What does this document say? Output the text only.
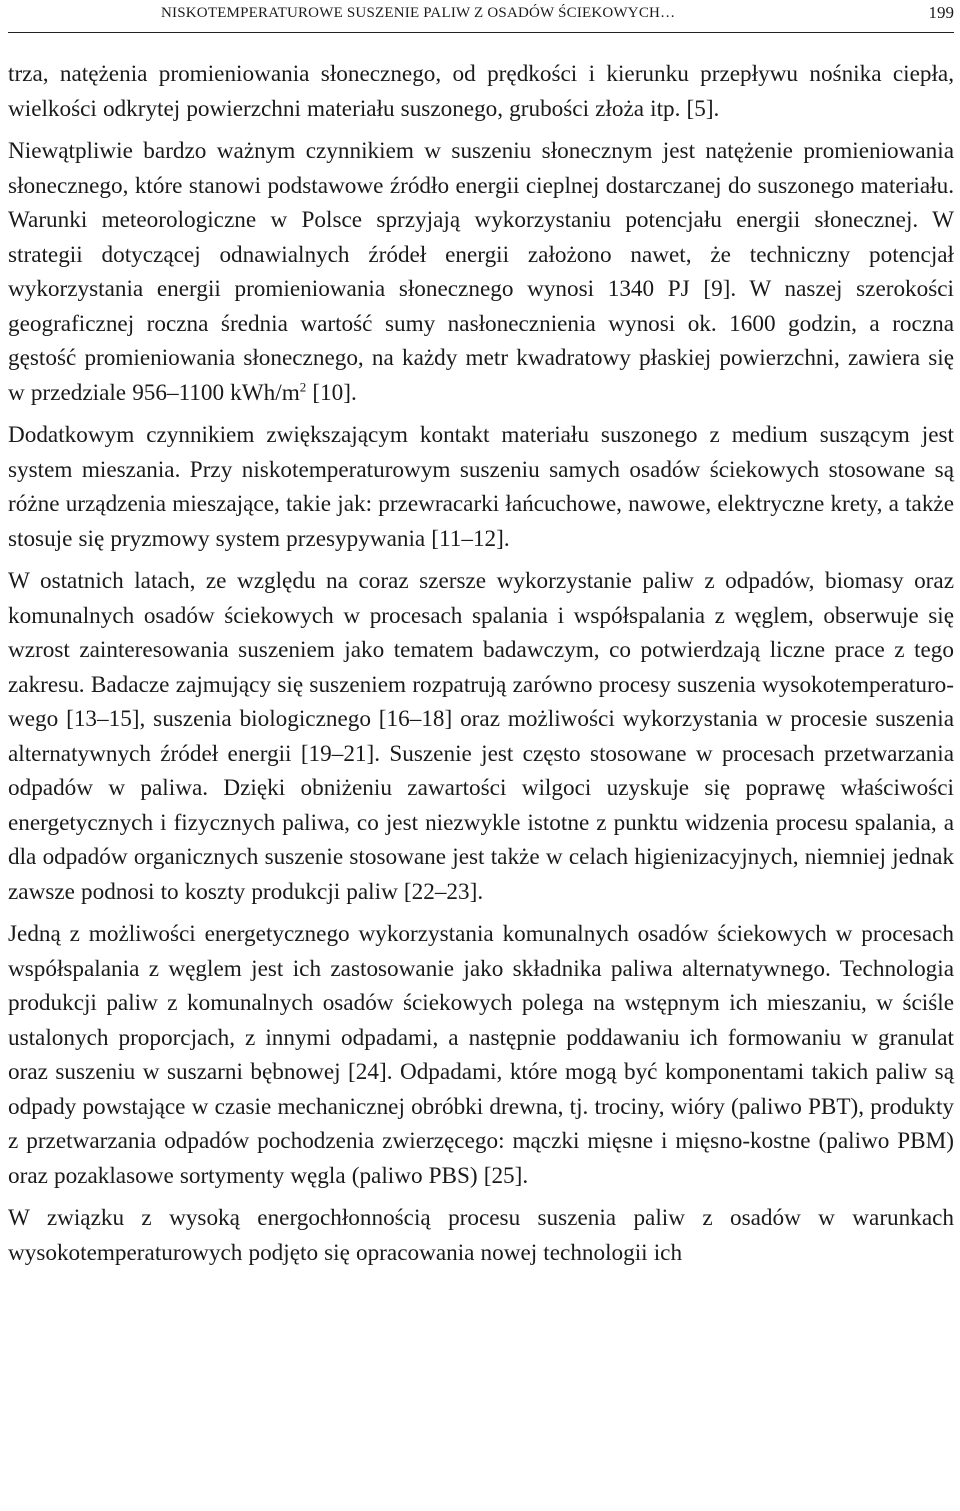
NISKOTEMPERATUROWE SUSZENIE PALIW Z OSADÓW ŚCIEKOWYCH…	199

trza, natężenia promieniowania słonecznego, od prędkości i kierunku przepływu nośnika ciepła, wielkości odkrytej powierzchni materiału suszonego, grubości złoża itp. [5].

Niewątpliwie bardzo ważnym czynnikiem w suszeniu słonecznym jest natężenie promieniowania słonecznego, które stanowi podstawowe źródło energii cieplnej dostarczanej do suszonego materiału. Warunki meteorologiczne w Polsce sprzyjają wykorzystaniu potencjału energii słonecznej. W strategii dotyczącej odnawialnych źródeł energii założono nawet, że techniczny potencjał wykorzystania energii promieniowania słonecznego wynosi 1340 PJ [9]. W naszej szerokości geograficznej roczna średnia wartość sumy nasłonecznienia wynosi ok. 1600 godzin, a roczna gęstość promieniowania słonecznego, na każdy metr kwadratowy płaskiej powierzchni, zawiera się w przedziale 956–1100 kWh/$m^2$ [10].

Dodatkowym czynnikiem zwiększającym kontakt materiału suszonego z medium suszącym jest system mieszania. Przy niskotemperaturowym suszeniu samych osadów ściekowych stosowane są różne urządzenia mieszające, takie jak: przewracarki łańcuchowe, nawowe, elektryczne krety, a także stosuje się pryzmowy system przesypywania [11–12].

W ostatnich latach, ze względu na coraz szersze wykorzystanie paliw z odpadów, biomasy oraz komunalnych osadów ściekowych w procesach spalania i współspalania z węglem, obserwuje się wzrost zainteresowania suszeniem jako tematem badawczym, co potwierdzają liczne prace z tego zakresu. Badacze zajmujący się suszeniem rozpatrują zarówno procesy suszenia wysokotemperaturowego [13–15], suszenia biologicznego [16–18] oraz możliwości wykorzystania w procesie suszenia alternatywnych źródeł energii [19–21]. Suszenie jest często stosowane w procesach przetwarzania odpadów w paliwa. Dzięki obniżeniu zawartości wilgoci uzyskuje się poprawę właściwości energetycznych i fizycznych paliwa, co jest niezwykle istotne z punktu widzenia procesu spalania, a dla odpadów organicznych suszenie stosowane jest także w celach higienizacyjnych, niemniej jednak zawsze podnosi to koszty produkcji paliw [22–23].

Jedną z możliwości energetycznego wykorzystania komunalnych osadów ściekowych w procesach współspalania z węglem jest ich zastosowanie jako składnika paliwa alternatywnego. Technologia produkcji paliw z komunalnych osadów ściekowych polega na wstępnym ich mieszaniu, w ściśle ustalonych proporcjach, z innymi odpadami, a następnie poddawaniu ich formowaniu w granulat oraz suszeniu w suszarni bębnowej [24]. Odpadami, które mogą być komponentami takich paliw są odpady powstające w czasie mechanicznej obróbki drewna, tj. trociny, wióry (paliwo PBT), produkty z przetwarzania odpadów pochodzenia zwierzęcego: mączki mięsne i mięsno-kostne (paliwo PBM) oraz pozaklasowe sortymenty węgla (paliwo PBS) [25].

W związku z wysoką energochłonnością procesu suszenia paliw z osadów w warunkach wysokotemperaturowych podjęto się opracowania nowej technologii ich
